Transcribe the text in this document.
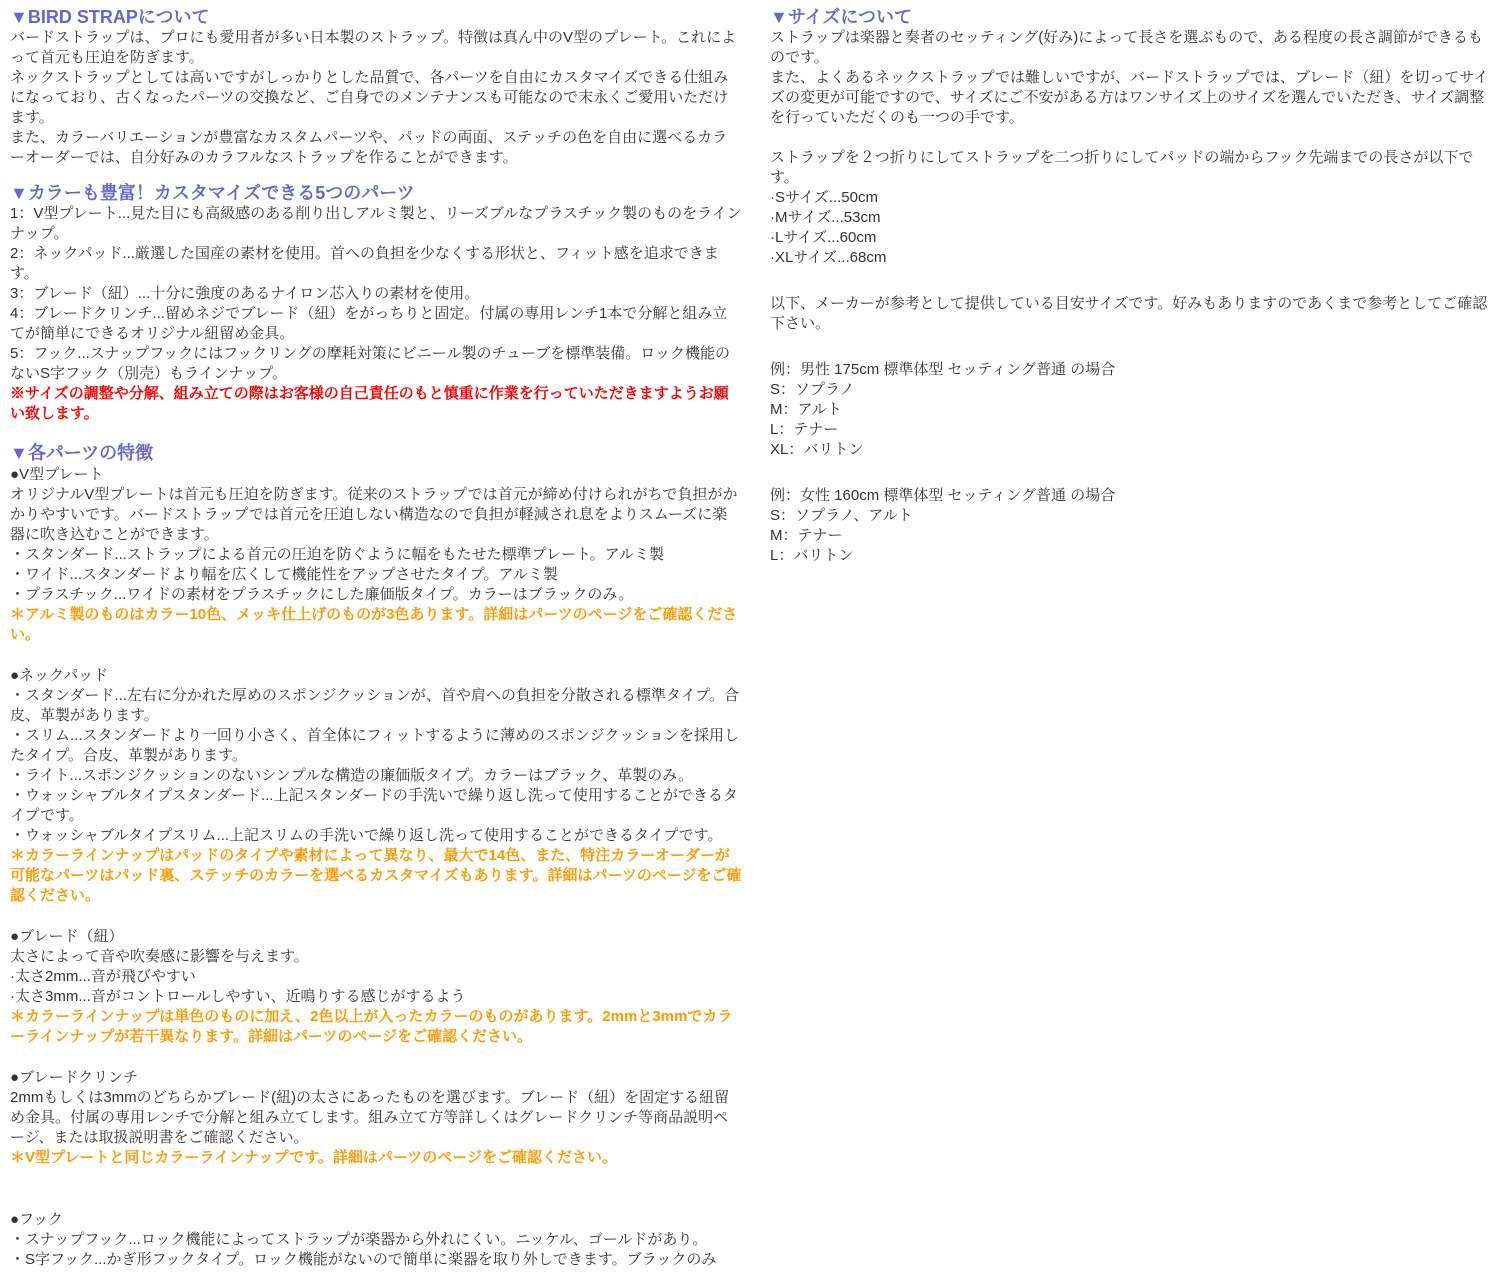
▼BIRD STRAPについて

バードストラップは、プロにも愛用者が多い日本製のストラップ。特徴は真ん中のV型のプレート。これによって首元も圧迫を防ぎます。

ネックストラップとしては高いですがしっかりとした品質で、各パーツを自由にカスタマイズできる仕組みになっており、古くなったパーツの交換など、ご自身でのメンテナンスも可能なので末永くご愛用いただけます。

また、カラーバリエーションが豊富なカスタムパーツや、パッドの両面、ステッチの色を自由に選べるカラーオーダーでは、自分好みのカラフルなストラップを作ることができます。

▼カラーも豊富！カスタマイズできる5つのパーツ

1：V型プレート...見た目にも高級感のある削り出しアルミ製と、リーズブルなプラスチック製のものをラインナップ。

2：ネックパッド...厳選した国産の素材を使用。首への負担を少なくする形状と、フィット感を追求できます。

3：ブレード（紐）...十分に強度のあるナイロン芯入りの素材を使用。

4：ブレードクリンチ...留めネジでブレード（紐）をがっちりと固定。付属の専用レンチ1本で分解と組み立てが簡単にできるオリジナル紐留め金具。

5：フック...スナップフックにはフックリングの摩耗対策にビニール製のチューブを標準装備。ロック機能のないS字フック（別売）もラインナップ。

※サイズの調整や分解、組み立ての際はお客様の自己責任のもと慎重に作業を行っていただきますようお願い致します。

▼各パーツの特徴

●V型プレート

オリジナルV型プレートは首元も圧迫を防ぎます。従来のストラップでは首元が締め付けられがちで負担がかかりやすいです。バードストラップでは首元を圧迫しない構造なので負担が軽減され息をよりスムーズに楽器に吹き込むことができます。

・スタンダード...ストラップによる首元の圧迫を防ぐように幅をもたせた標準プレート。アルミ製

・ワイド...スタンダードより幅を広くして機能性をアップさせたタイプ。アルミ製

・プラスチック...ワイドの素材をプラスチックにした廉価版タイプ。カラーはブラックのみ。

＊アルミ製のものはカラー10色、メッキ仕上げのものが3色あります。詳細はパーツのページをご確認ください。

●ネックパッド

・スタンダード...左右に分かれた厚めのスポンジクッションが、首や肩への負担を分散される標準タイプ。合皮、革製があります。

・スリム...スタンダードより一回り小さく、首全体にフィットするように薄めのスポンジクッションを採用したタイプ。合皮、革製があります。

・ライト...スポンジクッションのないシンプルな構造の廉価版タイプ。カラーはブラック、革製のみ。

・ウォッシャブルタイプスタンダード...上記スタンダードの手洗いで繰り返し洗って使用することができるタイプです。

・ウォッシャブルタイプスリム...上記スリムの手洗いで繰り返し洗って使用することができるタイプです。

＊カラーラインナップはパッドのタイプや素材によって異なり、最大で14色、また、特注カラーオーダーが可能なパーツはパッド裏、ステッチのカラーを選べるカスタマイズもあります。詳細はパーツのページをご確認ください。

●ブレード（紐）

太さによって音や吹奏感に影響を与えます。

·太さ2mm...音が飛びやすい

·太さ3mm...音がコントロールしやすい、近鳴りする感じがするよう

＊カラーラインナップは単色のものに加え、2色以上が入ったカラーのものがあります。2mmと3mmでカラーラインナップが若干異なります。詳細はパーツのページをご確認ください。

●ブレードクリンチ

2mmもしくは3mmのどちらかブレード(紐)の太さにあったものを選びます。ブレード（紐）を固定する紐留め金具。付属の専用レンチで分解と組み立てします。組み立て方等詳しくはグレードクリンチ等商品説明ページ、または取扱説明書をご確認ください。

＊V型プレートと同じカラーラインナップです。詳細はパーツのページをご確認ください。

●フック

・スナップフック...ロック機能によってストラップが楽器から外れにくい。ニッケル、ゴールドがあり。

・S字フック...かぎ形フックタイプ。ロック機能がないので簡単に楽器を取り外しできます。ブラックのみ

▼サイズについて

ストラップは楽器と奏者のセッティング(好み)によって長さを選ぶもので、ある程度の長さ調節ができるものです。

また、よくあるネックストラップでは難しいですが、バードストラップでは、ブレード（紐）を切ってサイズの変更が可能ですので、サイズにご不安がある方はワンサイズ上のサイズを選んでいただき、サイズ調整を行っていただくのも一つの手です。

ストラップを２つ折りにしてストラップを二つ折りにしてパッドの端からフック先端までの長さが以下です。

·Sサイズ...50cm

·Mサイズ...53cm

·Lサイズ...60cm

·XLサイズ...68cm

以下、メーカーが参考として提供している目安サイズです。好みもありますのであくまで参考としてご確認下さい。

例：男性 175cm 標準体型 セッティング普通 の場合

S：ソプラノ

M：アルト

L：テナー

XL：バリトン

例：女性 160cm 標準体型 セッティング普通 の場合

S：ソプラノ、アルト

M：テナー

L：バリトン
